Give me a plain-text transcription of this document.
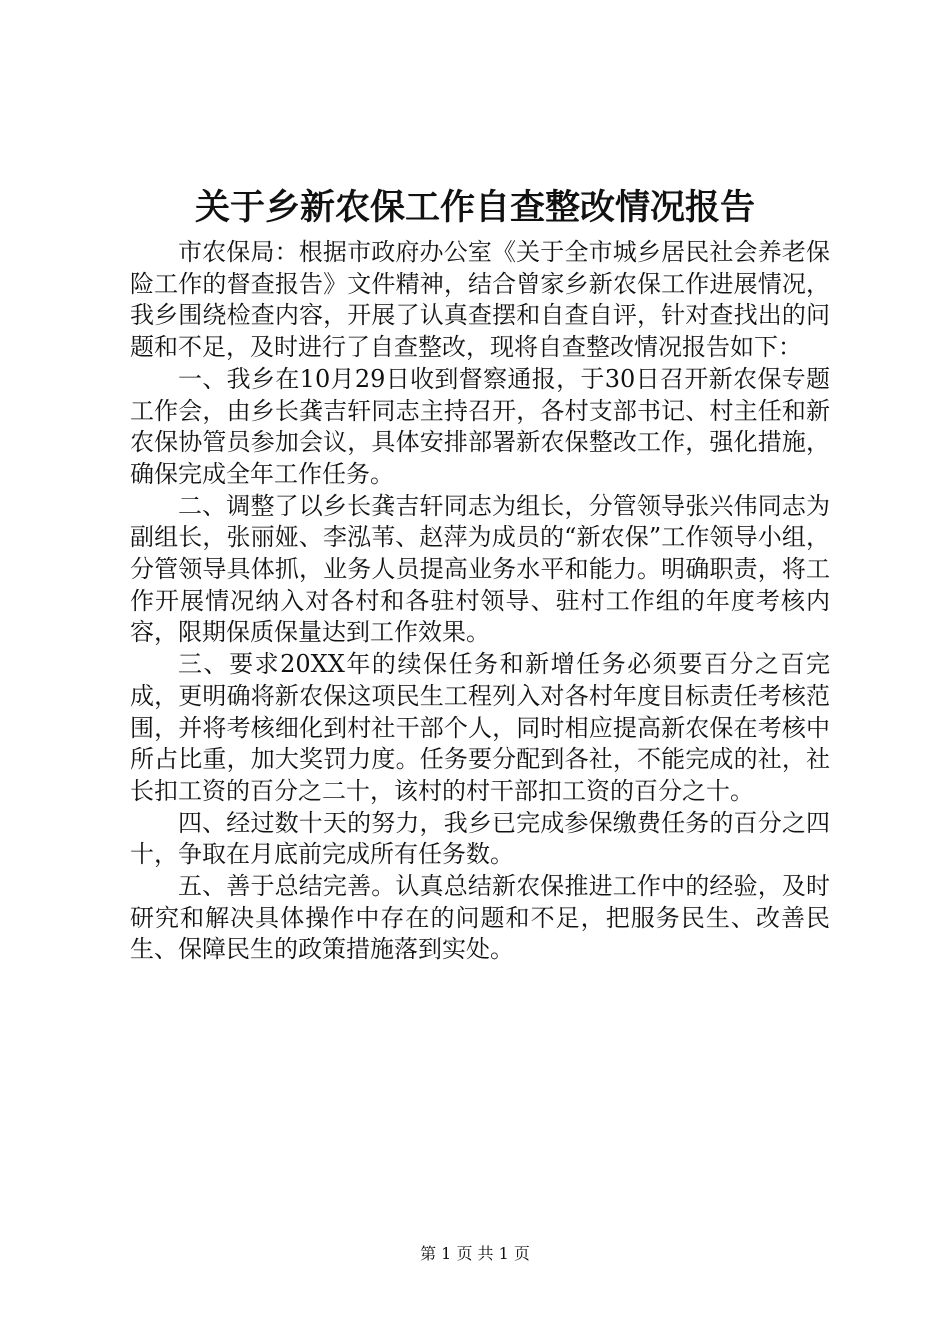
关于乡新农保工作自查整改情况报告

市农保局：根据市政府办公室《关于全市城乡居民社会养老保险工作的督查报告》文件精神，结合曾家乡新农保工作进展情况，我乡围绕检查内容，开展了认真查摆和自查自评，针对查找出的问题和不足，及时进行了自查整改，现将自查整改情况报告如下：

一、我乡在10月29日收到督察通报，于30日召开新农保专题工作会，由乡长龚吉轩同志主持召开，各村支部书记、村主任和新农保协管员参加会议，具体安排部署新农保整改工作，强化措施，确保完成全年工作任务。

二、调整了以乡长龚吉轩同志为组长，分管领导张兴伟同志为副组长，张丽娅、李泓苇、赵萍为成员的“新农保”工作领导小组，分管领导具体抓，业务人员提高业务水平和能力。明确职责，将工作开展情况纳入对各村和各驻村领导、驻村工作组的年度考核内容，限期保质保量达到工作效果。

三、要求20XX年的续保任务和新增任务必须要百分之百完成，更明确将新农保这项民生工程列入对各村年度目标责任考核范围，并将考核细化到村社干部个人，同时相应提高新农保在考核中所占比重，加大奖罚力度。任务要分配到各社，不能完成的社，社长扣工资的百分之二十，该村的村干部扣工资的百分之十。

四、经过数十天的努力，我乡已完成参保缴费任务的百分之四十，争取在月底前完成所有任务数。

五、善于总结完善。认真总结新农保推进工作中的经验，及时研究和解决具体操作中存在的问题和不足，把服务民生、改善民生、保障民生的政策措施落到实处。

第 1 页 共 1 页
